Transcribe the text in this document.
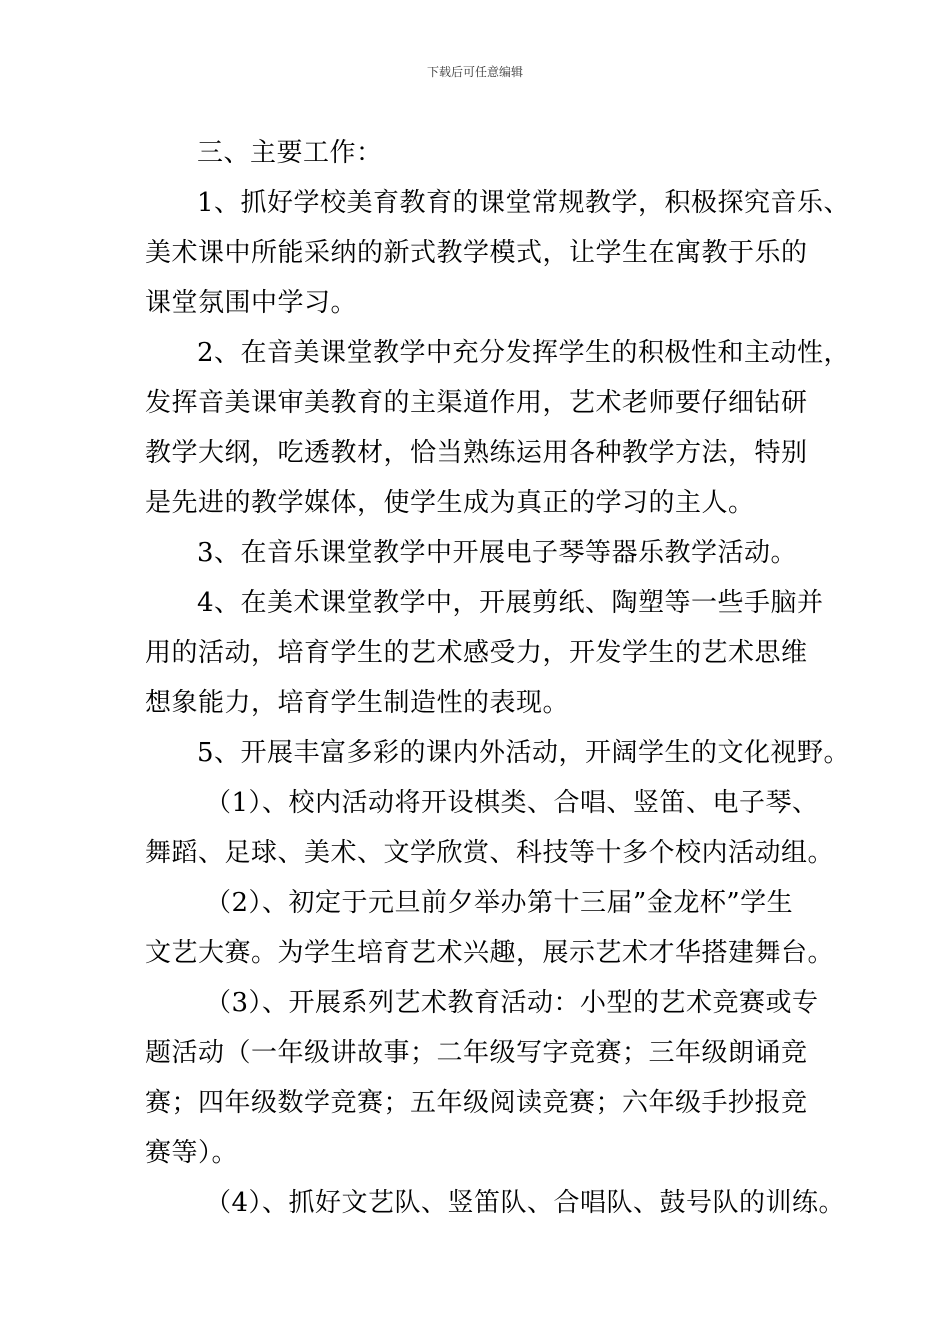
下载后可任意编辑

三、主要工作：

1、抓好学校美育教育的课堂常规教学，积极探究音乐、
美术课中所能采纳的新式教学模式，让学生在寓教于乐的
课堂氛围中学习。

2、在音美课堂教学中充分发挥学生的积极性和主动性，
发挥音美课审美教育的主渠道作用，艺术老师要仔细钻研
教学大纲，吃透教材，恰当熟练运用各种教学方法，特别
是先进的教学媒体，使学生成为真正的学习的主人。

3、在音乐课堂教学中开展电子琴等器乐教学活动。

4、在美术课堂教学中，开展剪纸、陶塑等一些手脑并
用的活动，培育学生的艺术感受力，开发学生的艺术思维
想象能力，培育学生制造性的表现。

5、开展丰富多彩的课内外活动，开阔学生的文化视野。

（1）、校内活动将开设棋类、合唱、竖笛、电子琴、
舞蹈、足球、美术、文学欣赏、科技等十多个校内活动组。

（2）、初定于元旦前夕举办第十三届”金龙杯”学生
文艺大赛。为学生培育艺术兴趣，展示艺术才华搭建舞台。

（3）、开展系列艺术教育活动：小型的艺术竞赛或专
题活动（一年级讲故事；二年级写字竞赛；三年级朗诵竞
赛；四年级数学竞赛；五年级阅读竞赛；六年级手抄报竞
赛等）。

（4）、抓好文艺队、竖笛队、合唱队、鼓号队的训练。
